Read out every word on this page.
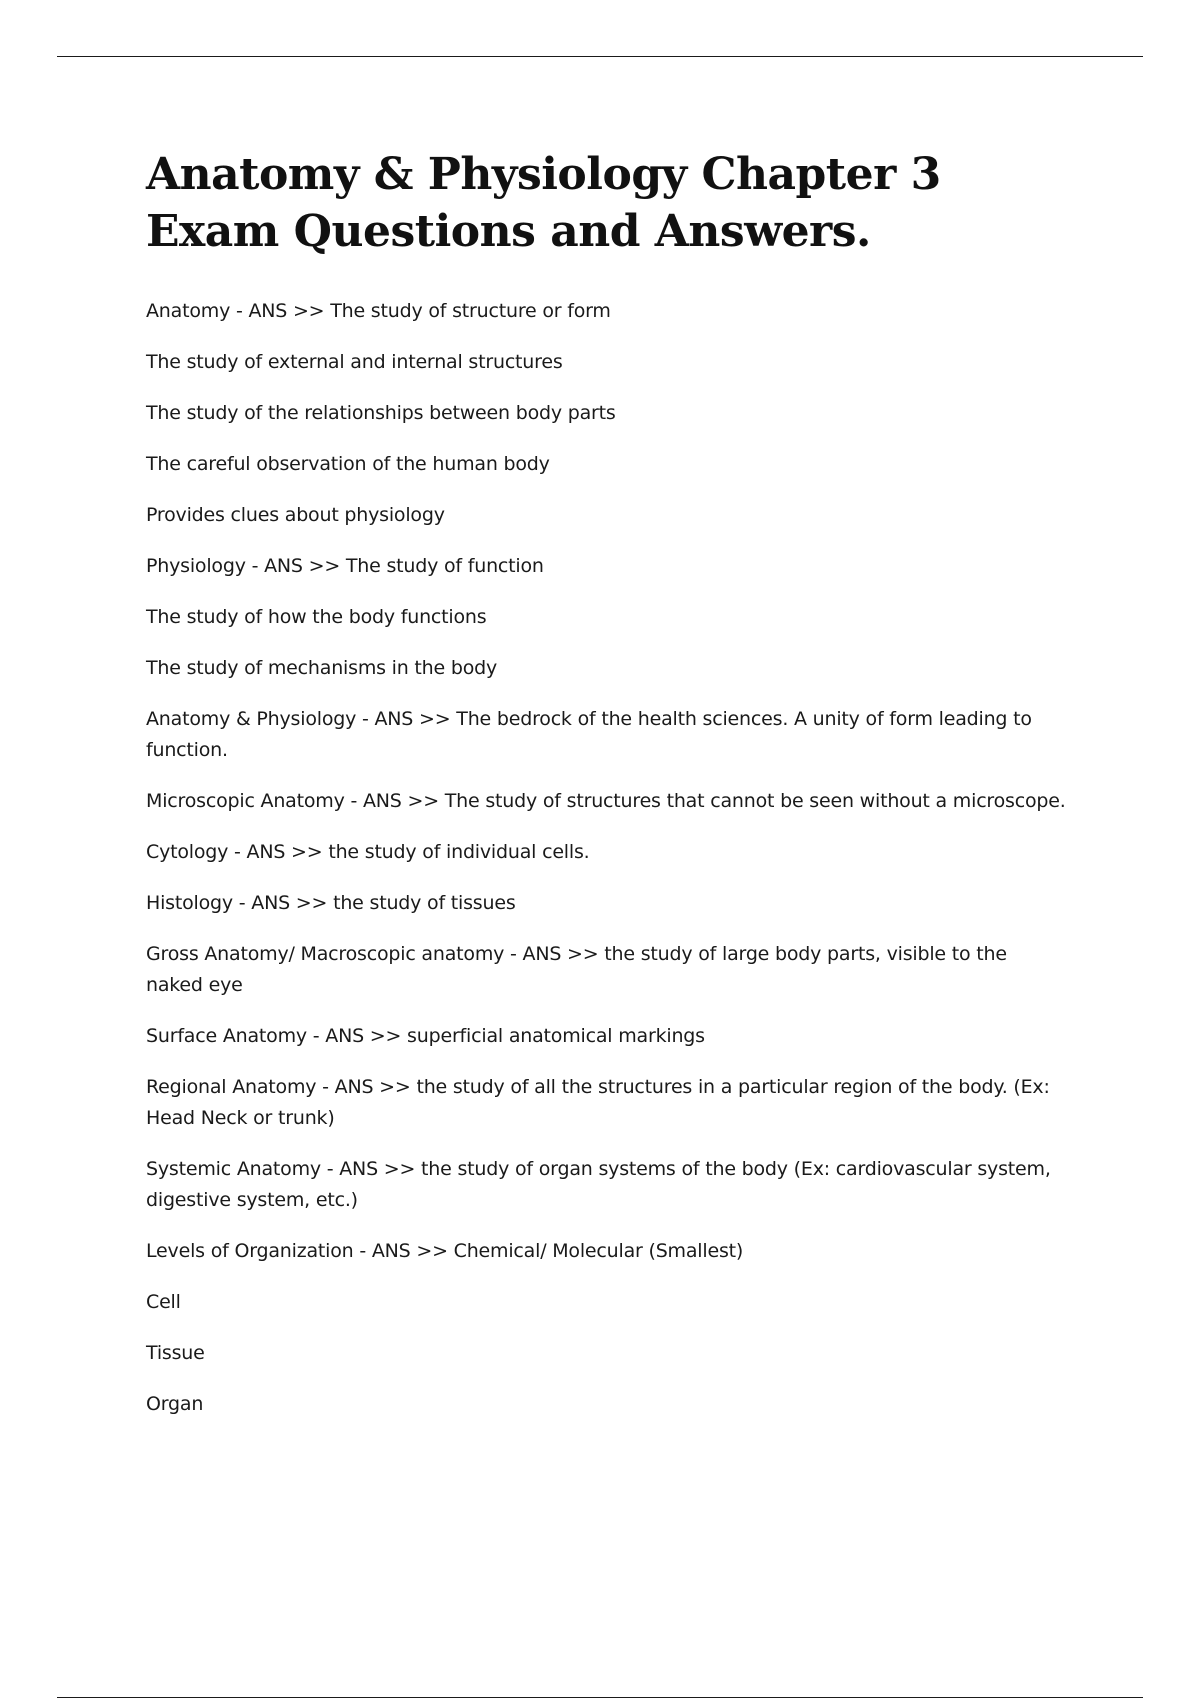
Anatomy & Physiology Chapter 3 Exam Questions and Answers.
Anatomy - ANS >> The study of structure or form
The study of external and internal structures
The study of the relationships between body parts
The careful observation of the human body
Provides clues about physiology
Physiology - ANS >> The study of function
The study of how the body functions
The study of mechanisms in the body
Anatomy & Physiology - ANS >> The bedrock of the health sciences. A unity of form leading to function.
Microscopic Anatomy - ANS >> The study of structures that cannot be seen without a microscope.
Cytology - ANS >> the study of individual cells.
Histology - ANS >> the study of tissues
Gross Anatomy/ Macroscopic anatomy - ANS >> the study of large body parts, visible to the naked eye
Surface Anatomy - ANS >> superficial anatomical markings
Regional Anatomy - ANS >> the study of all the structures in a particular region of the body. (Ex: Head Neck or trunk)
Systemic Anatomy - ANS >> the study of organ systems of the body (Ex: cardiovascular system, digestive system, etc.)
Levels of Organization - ANS >> Chemical/ Molecular (Smallest)
Cell
Tissue
Organ
